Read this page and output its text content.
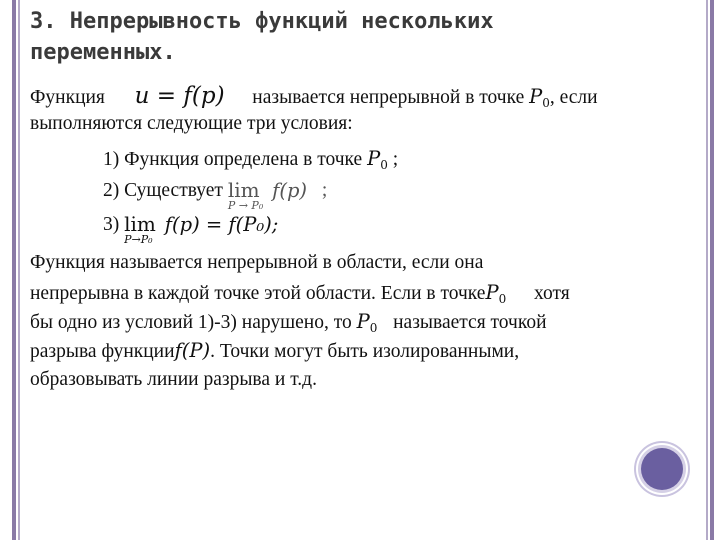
3. Непрерывность функций нескольких
переменных.
Функция u = f(p) называется непрерывной в точке $P_0$, если
выполняются следующие три условия:
1) Функция определена в точке $P_0$ ;
2) Существует lim
P → P₀
f(p) ;
3) lim
P→P₀
f(p) = f(P₀);
Функция называется непрерывной в области, если она
непрерывна в каждой точке этой области. Если в точкеP$_0$ хотя
бы одно из условий 1)-3) нарушено, то $P_0$ называется точкой
разрыва функцииf(P). Точки могут быть изолированными,
образовывать линии разрыва и т.д.
